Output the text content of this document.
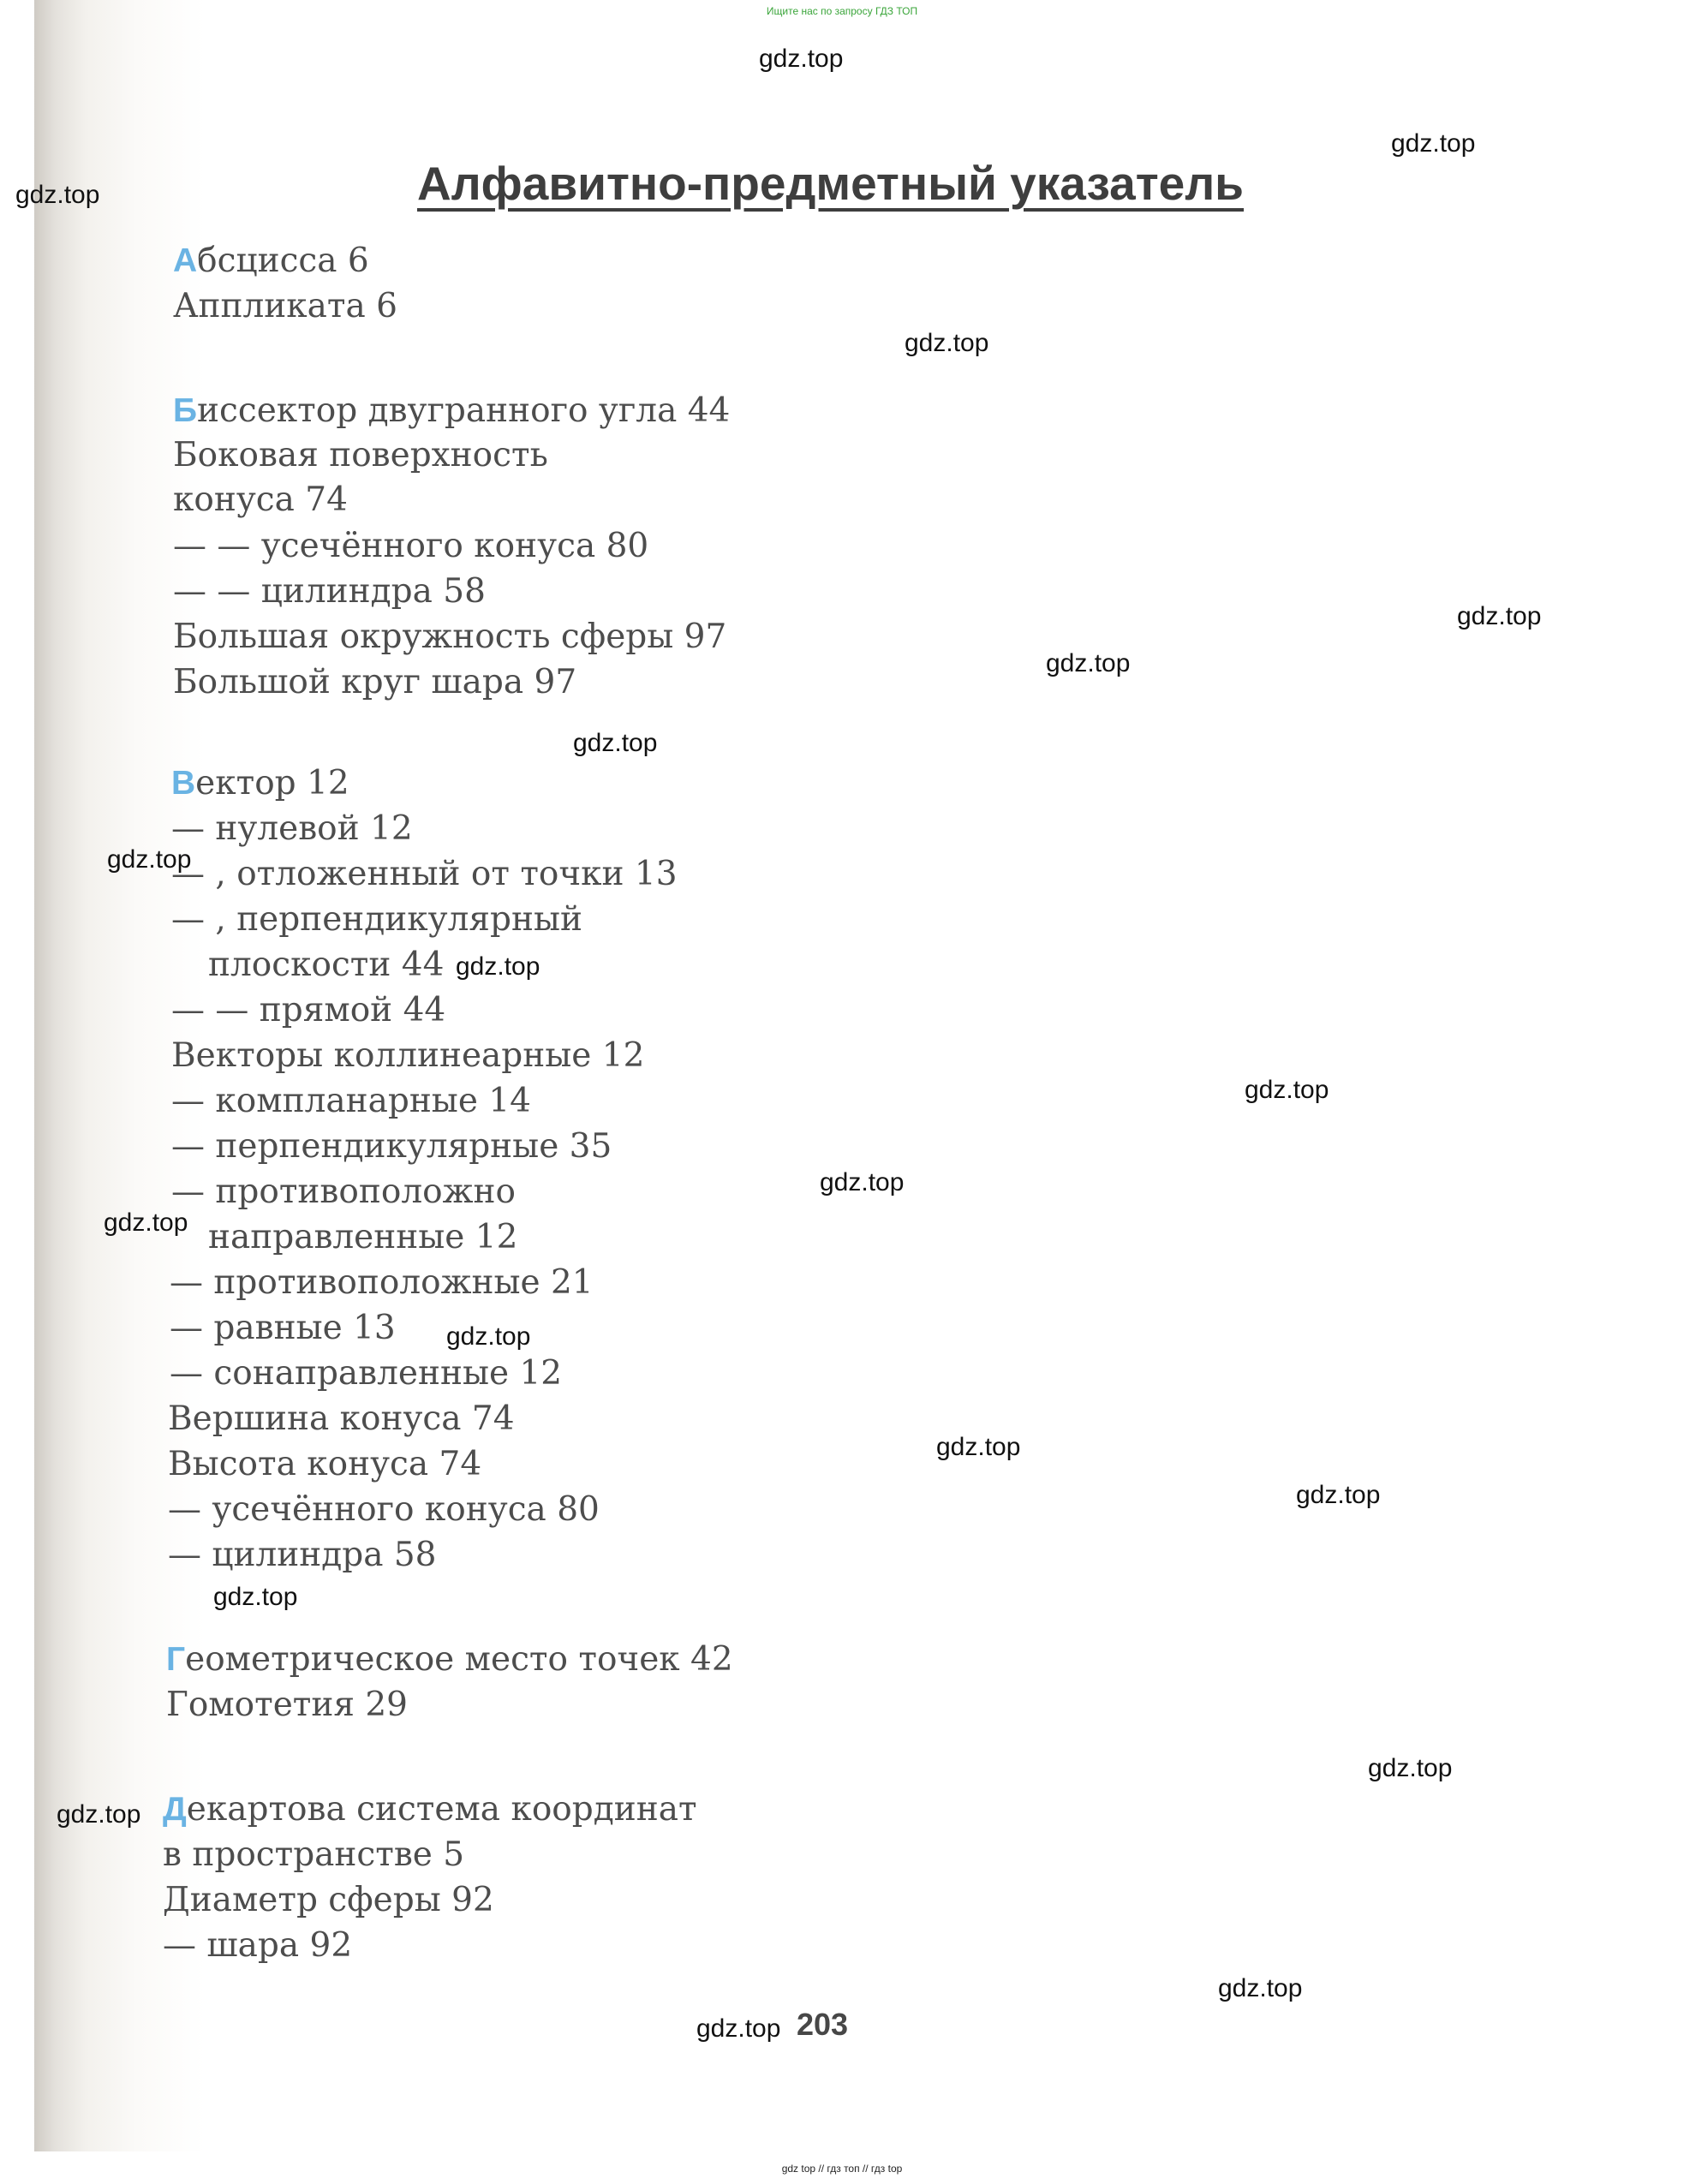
Ищите нас по запросу ГДЗ ТОП
Алфавитно-предметный указатель
Абсцисса 6
Аппликата 6
Биссектор двугранного угла 44
Боковая поверхность
конуса 74
— — усечённого конуса 80
— — цилиндра 58
Большая окружность сферы 97
Большой круг шара 97
Вектор 12
— нулевой 12
— , отложенный от точки 13
— , перпендикулярный
плоскости 44
— — прямой 44
Векторы коллинеарные 12
— компланарные 14
— перпендикулярные 35
— противоположно
направленные 12
— противоположные 21
— равные 13
— сонаправленные 12
Вершина конуса 74
Высота конуса 74
— усечённого конуса 80
— цилиндра 58
Геометрическое место точек 42
Гомотетия 29
Декартова система координат
в пространстве 5
Диаметр сферы 92
— шара 92
203
gdz.top
gdz.top
gdz.top
gdz.top
gdz.top
gdz.top
gdz.top
gdz.top
gdz.top
gdz.top
gdz.top
gdz.top
gdz.top
gdz.top
gdz.top
gdz.top
gdz.top
gdz.top
gdz.top
gdz.top
gdz top // гдз топ // гдз top
